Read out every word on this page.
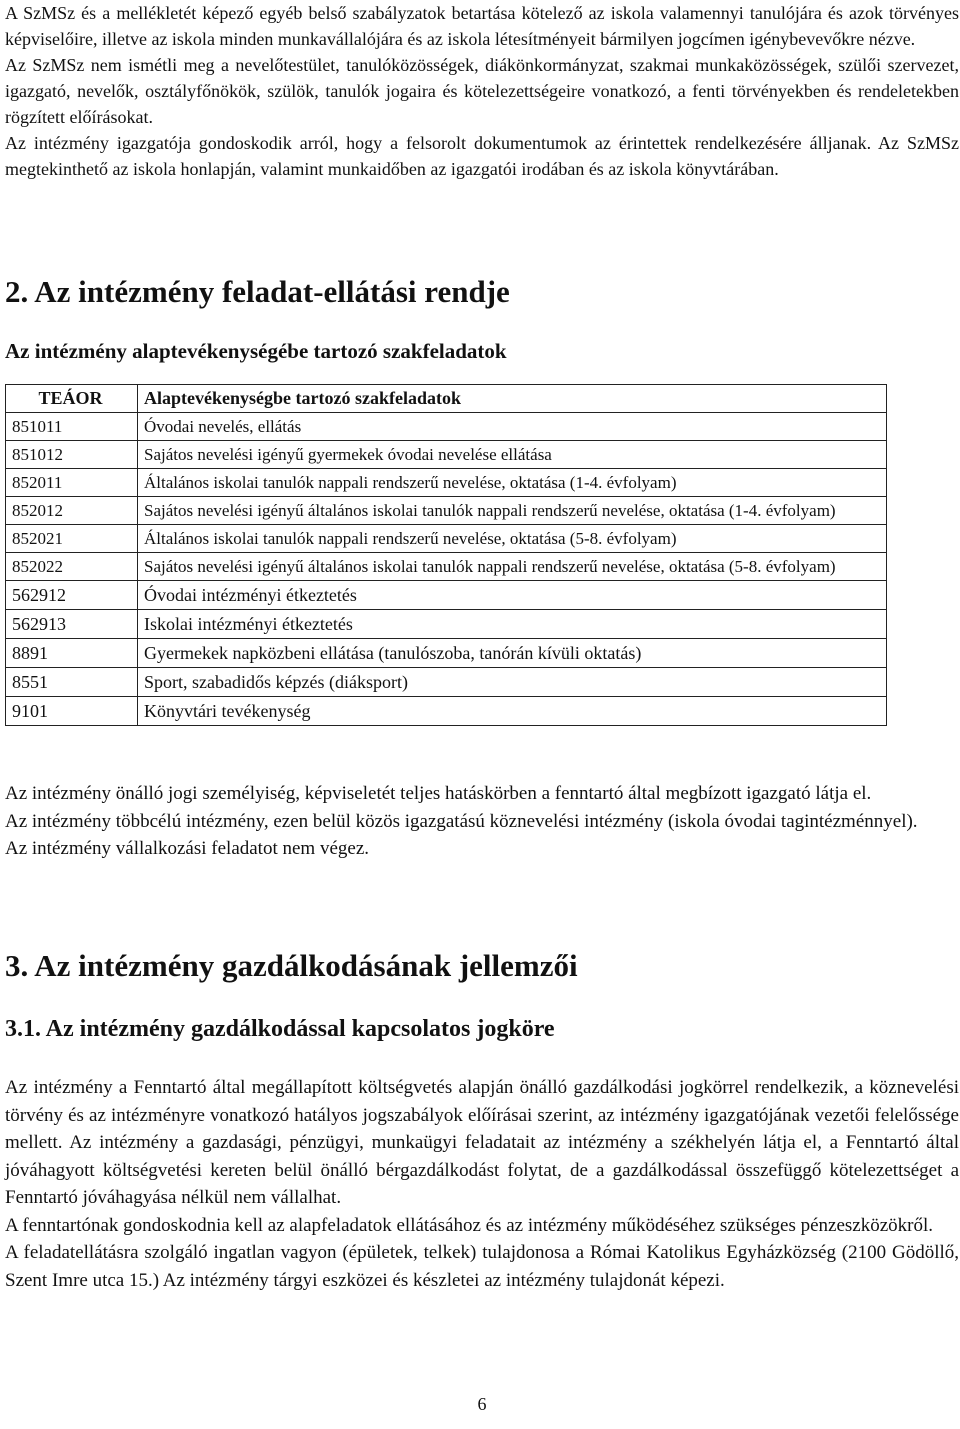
A SzMSz és a mellékletét képező egyéb belső szabályzatok betartása kötelező az iskola valamennyi tanulójára és azok törvényes képviselőire, illetve az iskola minden munkavállalójára és az iskola létesítményeit bármilyen jogcímen igénybevevőkre nézve.

Az SzMSz nem ismétli meg a nevelőtestület, tanulóközösségek, diákönkormányzat, szakmai munkaközösségek, szülői szervezet, igazgató, nevelők, osztályfőnökök, szülök, tanulók jogaira és kötelezettségeire vonatkozó, a fenti törvényekben és rendeletekben rögzített előírásokat.

Az intézmény igazgatója gondoskodik arról, hogy a felsorolt dokumentumok az érintettek rendelkezésére álljanak. Az SzMSz megtekinthető az iskola honlapján, valamint munkaidőben az igazgatói irodában és az iskola könyvtárában.

2. Az intézmény feladat-ellátási rendje
Az intézmény alaptevékenységébe tartozó szakfeladatok
TEÁOR	Alaptevékenységbe tartozó szakfeladatok
851011	Óvodai nevelés, ellátás
851012	Sajátos nevelési igényű gyermekek óvodai nevelése ellátása
852011	Általános iskolai tanulók nappali rendszerű nevelése, oktatása (1-4. évfolyam)
852012	Sajátos nevelési igényű általános iskolai tanulók nappali rendszerű nevelése, oktatása (1-4. évfolyam)
852021	Általános iskolai tanulók nappali rendszerű nevelése, oktatása (5-8. évfolyam)
852022	Sajátos nevelési igényű általános iskolai tanulók nappali rendszerű nevelése, oktatása (5-8. évfolyam)
562912	Óvodai intézményi étkeztetés
562913	Iskolai intézményi étkeztetés
8891	Gyermekek napközbeni ellátása (tanulószoba, tanórán kívüli oktatás)
8551	Sport, szabadidős képzés (diáksport)
9101	Könyvtári tevékenység

Az intézmény önálló jogi személyiség, képviseletét teljes hatáskörben a fenntartó által megbízott igazgató látja el.

Az intézmény többcélú intézmény, ezen belül közös igazgatású köznevelési intézmény (iskola óvodai tagintézménnyel).

Az intézmény vállalkozási feladatot nem végez.

3. Az intézmény gazdálkodásának jellemzői
3.1. Az intézmény gazdálkodással kapcsolatos jogköre

Az intézmény a Fenntartó által megállapított költségvetés alapján önálló gazdálkodási jogkörrel rendelkezik, a köznevelési törvény és az intézményre vonatkozó hatályos jogszabályok előírásai szerint, az intézmény igazgatójának vezetői felelőssége mellett. Az intézmény a gazdasági, pénzügyi, munkaügyi feladatait az intézmény a székhelyén látja el, a Fenntartó által jóváhagyott költségvetési kereten belül önálló bérgazdálkodást folytat, de a gazdálkodással összefüggő kötelezettséget a Fenntartó jóváhagyása nélkül nem vállalhat.

A fenntartónak gondoskodnia kell az alapfeladatok ellátásához és az intézmény működéséhez szükséges pénzeszközökről.

A feladatellátásra szolgáló ingatlan vagyon (épületek, telkek) tulajdonosa a Római Katolikus Egyházközség (2100 Gödöllő, Szent Imre utca 15.) Az intézmény tárgyi eszközei és készletei az intézmény tulajdonát képezi.

6
